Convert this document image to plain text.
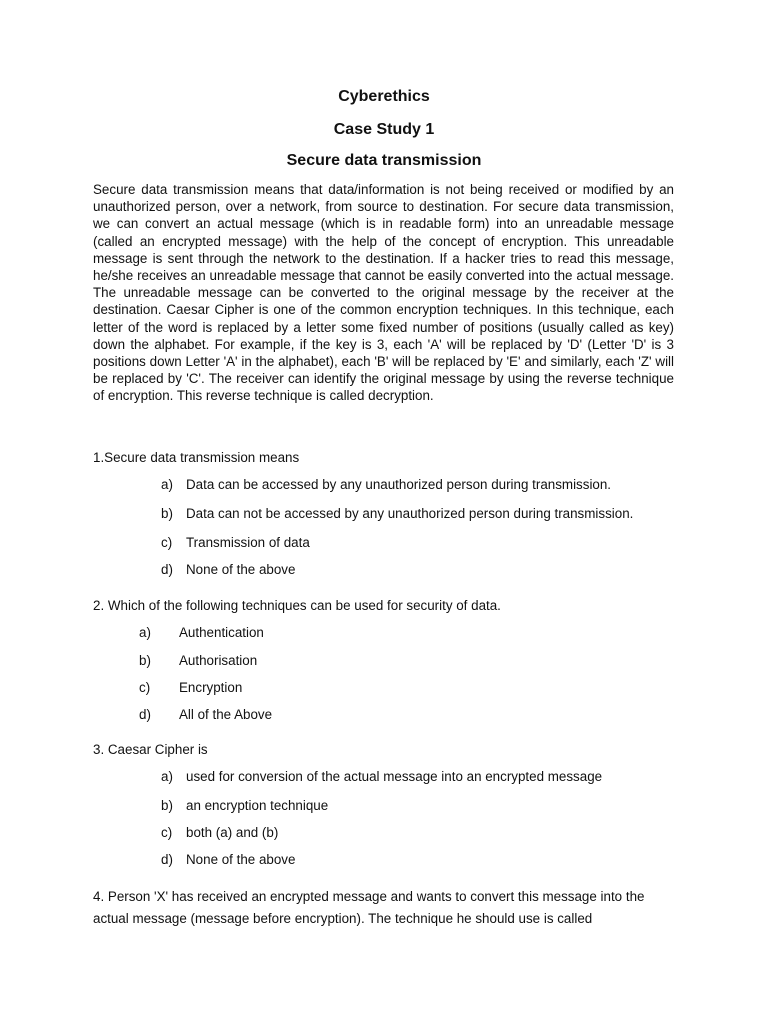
Cyberethics
Case Study 1
Secure data transmission
Secure data transmission means that data/information is not being received or modified by an unauthorized person, over a network, from source to destination. For secure data transmission, we can convert an actual message (which is in readable form) into an unreadable message (called an encrypted message) with the help of the concept of encryption. This unreadable message is sent through the network to the destination. If a hacker tries to read this message, he/she receives an unreadable message that cannot be easily converted into the actual message. The unreadable message can be converted to the original message by the receiver at the destination. Caesar Cipher is one of the common encryption techniques. In this technique, each letter of the word is replaced by a letter some fixed number of positions (usually called as key) down the alphabet. For example, if the key is 3, each 'A' will be replaced by 'D' (Letter 'D' is 3 positions down Letter 'A' in the alphabet), each 'B' will be replaced by 'E' and similarly, each 'Z' will be replaced by 'C'. The receiver can identify the original message by using the reverse technique of encryption. This reverse technique is called decryption.
1.Secure data transmission means
a) Data can be accessed by any unauthorized person during transmission.
b) Data can not be accessed by any unauthorized person during transmission.
c) Transmission of data
d) None of the above
2. Which of the following techniques can be used for security of data.
a) Authentication
b) Authorisation
c) Encryption
d) All of the Above
3. Caesar Cipher is
a) used for conversion of the actual message into an encrypted message
b) an encryption technique
c) both (a) and (b)
d) None of the above
4. Person 'X' has received an encrypted message and wants to convert this message into the actual message (message before encryption). The technique he should use is called
